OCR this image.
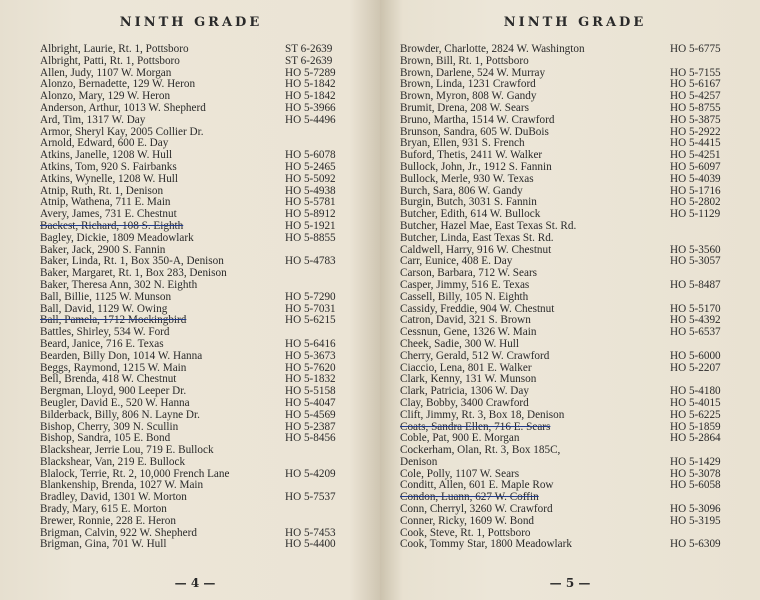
NINTH GRADE
Albright, Laurie, Rt. 1, Pottsboro	ST 6-2639
Albright, Patti, Rt. 1, Pottsboro	ST 6-2639
Allen, Judy, 1107 W. Morgan	HO 5-7289
Alonzo, Bernadette, 129 W. Heron	HO 5-1842
Alonzo, Mary, 129 W. Heron	HO 5-1842
Anderson, Arthur, 1013 W. Shepherd	HO 5-3966
Ard, Tim, 1317 W. Day	HO 5-4496
Armor, Sheryl Kay, 2005 Collier Dr.
Arnold, Edward, 600 E. Day
Atkins, Janelle, 1208 W. Hull	HO 5-6078
Atkins, Tom, 920 S. Fairbanks	HO 5-2465
Atkins, Wynelle, 1208 W. Hull	HO 5-5092
Atnip, Ruth, Rt. 1, Denison	HO 5-4938
Atnip, Wathena, 711 E. Main	HO 5-5781
Avery, James, 731 E. Chestnut	HO 5-8912
Backest, Richard, 108 S. Eighth	HO 5-1921
Bagley, Dickie, 1809 Meadowlark	HO 5-8855
Baker, Jack, 2900 S. Fannin
Baker, Linda, Rt. 1, Box 350-A, Denison	HO 5-4783
Baker, Margaret, Rt. 1, Box 283, Denison
Baker, Theresa Ann, 302 N. Eighth
Ball, Billie, 1125 W. Munson	HO 5-7290
Ball, David, 1129 W. Owing	HO 5-7031
Ball, Pamela, 1712 Mockingbird	HO 5-6215
Battles, Shirley, 534 W. Ford
Beard, Janice, 716 E. Texas	HO 5-6416
Bearden, Billy Don, 1014 W. Hanna	HO 5-3673
Beggs, Raymond, 1215 W. Main	HO 5-7620
Bell, Brenda, 418 W. Chestnut	HO 5-1832
Bergman, Lloyd, 900 Leeper Dr.	HO 5-5158
Beugler, David E., 520 W. Hanna	HO 5-4047
Bilderback, Billy, 806 N. Layne Dr.	HO 5-4569
Bishop, Cherry, 309 N. Scullin	HO 5-2387
Bishop, Sandra, 105 E. Bond	HO 5-8456
Blackshear, Jerrie Lou, 719 E. Bullock
Blackshear, Van, 219 E. Bullock
Blalock, Terrie, Rt. 2, 10,000 French Lane	HO 5-4209
Blankenship, Brenda, 1027 W. Main
Bradley, David, 1301 W. Morton	HO 5-7537
Brady, Mary, 615 E. Morton
Brewer, Ronnie, 228 E. Heron
Brigman, Calvin, 922 W. Shepherd	HO 5-7453
Brigman, Gina, 701 W. Hull	HO 5-4400
— 4 —
NINTH GRADE
Browder, Charlotte, 2824 W. Washington	HO 5-6775
Brown, Bill, Rt. 1, Pottsboro
Brown, Darlene, 524 W. Murray	HO 5-7155
Brown, Linda, 1231 Crawford	HO 5-6167
Brown, Myron, 808 W. Gandy	HO 5-4257
Brumit, Drena, 208 W. Sears	HO 5-8755
Bruno, Martha, 1514 W. Crawford	HO 5-3875
Brunson, Sandra, 605 W. DuBois	HO 5-2922
Bryan, Ellen, 931 S. French	HO 5-4415
Buford, Thetis, 2411 W. Walker	HO 5-4251
Bullock, John, Jr., 1912 S. Fannin	HO 5-6097
Bullock, Merle, 930 W. Texas	HO 5-4039
Burch, Sara, 806 W. Gandy	HO 5-1716
Burgin, Butch, 3031 S. Fannin	HO 5-2802
Butcher, Edith, 614 W. Bullock	HO 5-1129
Butcher, Hazel Mae, East Texas St. Rd.
Butcher, Linda, East Texas St. Rd.
Caldwell, Harry, 916 W. Chestnut	HO 5-3560
Carr, Eunice, 408 E. Day	HO 5-3057
Carson, Barbara, 712 W. Sears
Casper, Jimmy, 516 E. Texas	HO 5-8487
Cassell, Billy, 105 N. Eighth
Cassidy, Freddie, 904 W. Chestnut	HO 5-5170
Catron, David, 321 S. Brown	HO 5-4392
Cessnun, Gene, 1326 W. Main	HO 5-6537
Cheek, Sadie, 300 W. Hull
Cherry, Gerald, 512 W. Crawford	HO 5-6000
Ciaccio, Lena, 801 E. Walker	HO 5-2207
Clark, Kenny, 131 W. Munson
Clark, Patricia, 1306 W. Day	HO 5-4180
Clay, Bobby, 3400 Crawford	HO 5-4015
Clift, Jimmy, Rt. 3, Box 18, Denison	HO 5-6225
Coats, Sandra Ellen, 716 E. Sears	HO 5-1859
Coble, Pat, 900 E. Morgan	HO 5-2864
Cockerham, Olan, Rt. 3, Box 185C,
Denison	HO 5-1429
Cole, Polly, 1107 W. Sears	HO 5-3078
Conditt, Allen, 601 E. Maple Row	HO 5-6058
Condon, Luann, 627 W. Coffin
Conn, Cherryl, 3260 W. Crawford	HO 5-3096
Conner, Ricky, 1609 W. Bond	HO 5-3195
Cook, Steve, Rt. 1, Pottsboro
Cook, Tommy Star, 1800 Meadowlark	HO 5-6309
— 5 —
